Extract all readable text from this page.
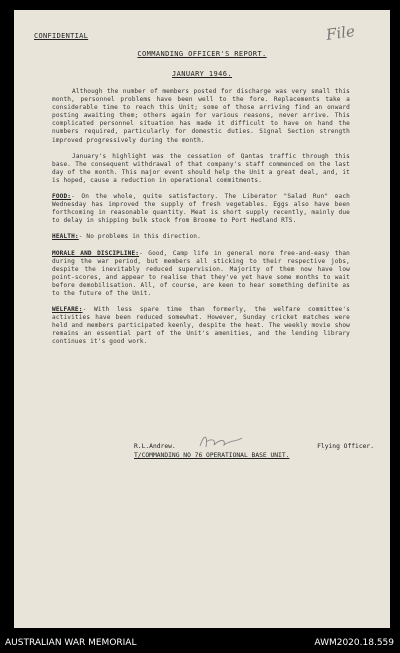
File
CONFIDENTIAL
COMMANDING OFFICER'S REPORT.
JANUARY 1946.

Although the number of members posted for discharge was very small this month, personnel problems have been well to the fore. Replacements take a considerable time to reach this Unit; some of those arriving find an onward posting awaiting them; others again for various reasons, never arrive. This complicated personnel situation has made it difficult to have on hand the numbers required, particularly for domestic duties. Signal Section strength improved progressively during the month.

January's highlight was the cessation of Qantas traffic through this base. The consequent withdrawal of that company's staff commenced on the last day of the month. This major event should help the Unit a great deal, and, it is hoped, cause a reduction in operational commitments.

FOOD:- On the whole, quite satisfactory. The Liberator "Salad Run" each Wednesday has improved the supply of fresh vegetables. Eggs also have been forthcoming in reasonable quantity. Meat is short supply recently, mainly due to delay in shipping bulk stock from Broome to Port Hedland RTS.

HEALTH:- No problems in this direction.

MORALE AND DISCIPLINE:- Good, Camp life in general more free-and-easy than during the war period, but members all sticking to their respective jobs, despite the inevitably reduced supervision. Majority of them now have low point-scores, and appear to realise that they've yet have some months to wait before demobilisation. All, of course, are keen to hear something definite as to the future of the Unit.

WELFARE:- With less spare time than formerly, the welfare committee's activities have been reduced somewhat. However, Sunday cricket matches were held and members participated keenly, despite the heat. The weekly movie show remains an essential part of the Unit's amenities, and the lending library continues it's good work.

R.L.Andrew.	Flying Officer.
T/COMMANDING NO 76 OPERATIONAL BASE UNIT.
AUSTRALIAN WAR MEMORIAL	AWM2020.18.559
